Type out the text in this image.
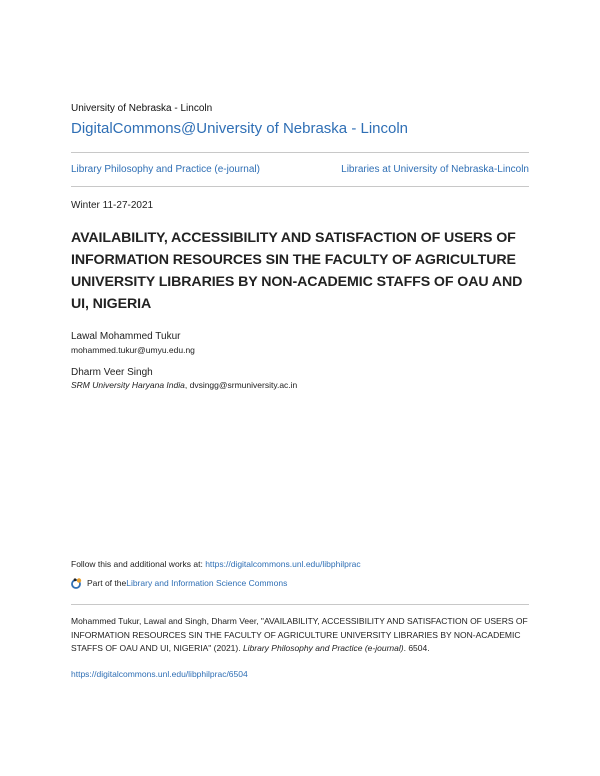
University of Nebraska - Lincoln
DigitalCommons@University of Nebraska - Lincoln
Library Philosophy and Practice (e-journal)	Libraries at University of Nebraska-Lincoln
Winter 11-27-2021
AVAILABILITY, ACCESSIBILITY AND SATISFACTION OF USERS OF INFORMATION RESOURCES SIN THE FACULTY OF AGRICULTURE UNIVERSITY LIBRARIES BY NON-ACADEMIC STAFFS OF OAU AND UI, NIGERIA
Lawal Mohammed Tukur
mohammed.tukur@umyu.edu.ng
Dharm Veer Singh
SRM University Haryana India, dvsingg@srmuniversity.ac.in
Follow this and additional works at: https://digitalcommons.unl.edu/libphilprac
Part of the Library and Information Science Commons
Mohammed Tukur, Lawal and Singh, Dharm Veer, "AVAILABILITY, ACCESSIBILITY AND SATISFACTION OF USERS OF INFORMATION RESOURCES SIN THE FACULTY OF AGRICULTURE UNIVERSITY LIBRARIES BY NON-ACADEMIC STAFFS OF OAU AND UI, NIGERIA" (2021). Library Philosophy and Practice (e-journal). 6504.
https://digitalcommons.unl.edu/libphilprac/6504
